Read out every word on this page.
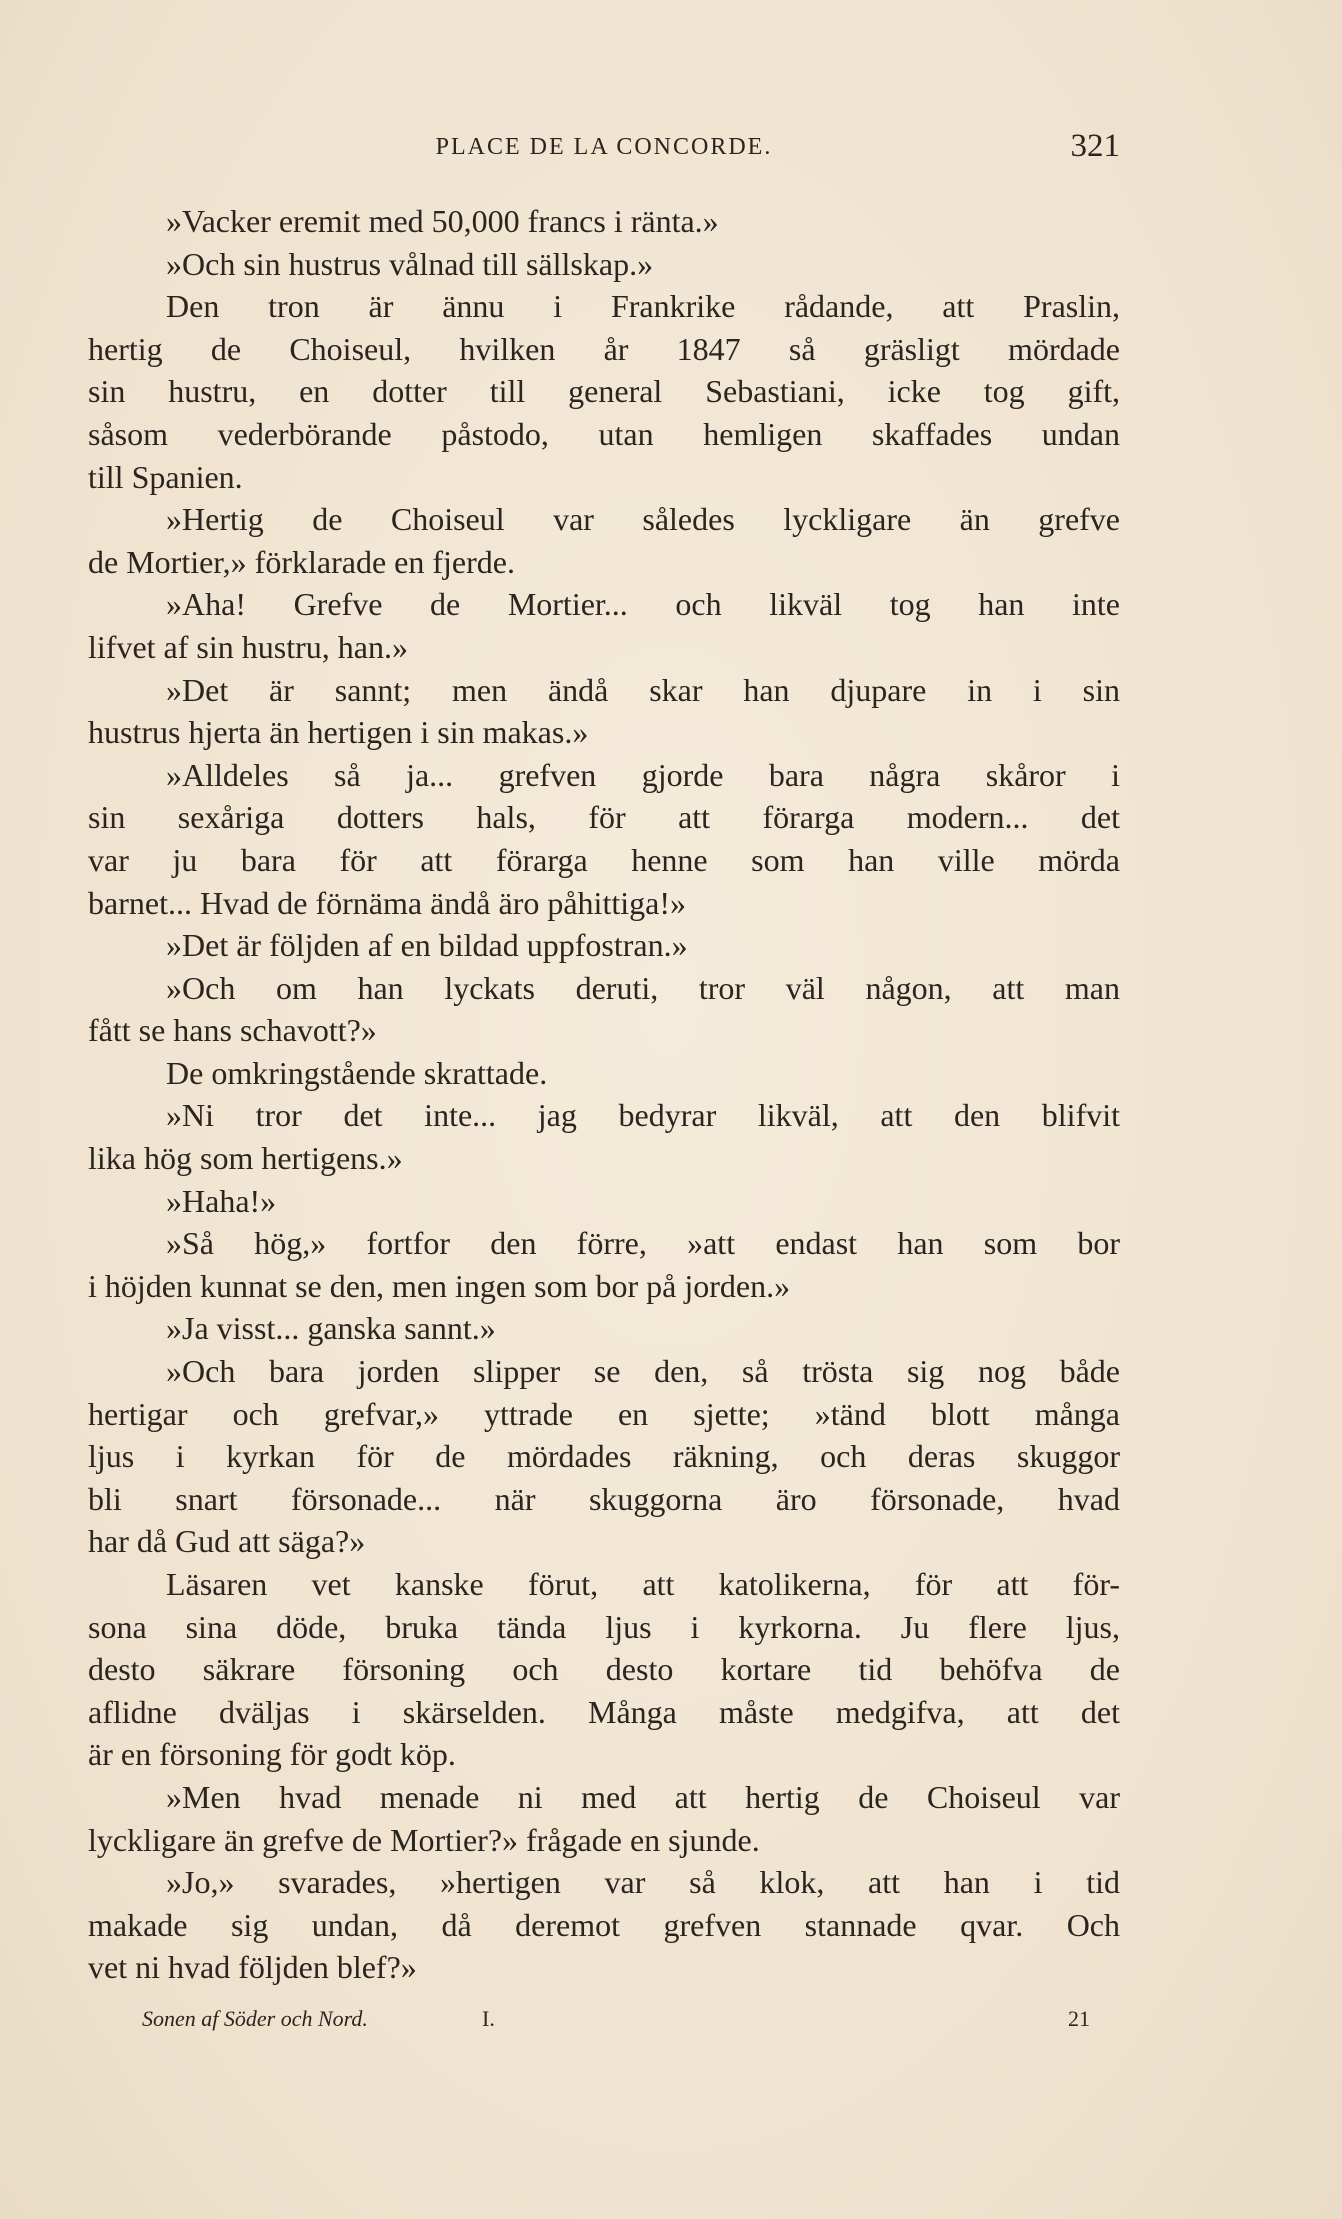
PLACE DE LA CONCORDE.	321
»Vacker eremit med 50,000 francs i ränta.»
»Och sin hustrus vålnad till sällskap.»
Den tron är ännu i Frankrike rådande, att Praslin,
hertig de Choiseul, hvilken år 1847 så gräsligt mördade
sin hustru, en dotter till general Sebastiani, icke tog gift,
såsom vederbörande påstodo, utan hemligen skaffades undan
till Spanien.
»Hertig de Choiseul var således lyckligare än grefve
de Mortier,» förklarade en fjerde.
»Aha! Grefve de Mortier... och likväl tog han inte
lifvet af sin hustru, han.»
»Det är sannt; men ändå skar han djupare in i sin
hustrus hjerta än hertigen i sin makas.»
»Alldeles så ja... grefven gjorde bara några skåror i
sin sexåriga dotters hals, för att förarga modern... det
var ju bara för att förarga henne som han ville mörda
barnet... Hvad de förnäma ändå äro påhittiga!»
»Det är följden af en bildad uppfostran.»
»Och om han lyckats deruti, tror väl någon, att man
fått se hans schavott?»
De omkringstående skrattade.
»Ni tror det inte... jag bedyrar likväl, att den blifvit
lika hög som hertigens.»
»Haha!»
»Så hög,» fortfor den förre, »att endast han som bor
i höjden kunnat se den, men ingen som bor på jorden.»
»Ja visst... ganska sannt.»
»Och bara jorden slipper se den, så trösta sig nog både
hertigar och grefvar,» yttrade en sjette; »tänd blott många
ljus i kyrkan för de mördades räkning, och deras skuggor
bli snart försonade... när skuggorna äro försonade, hvad
har då Gud att säga?»
Läsaren vet kanske förut, att katolikerna, för att för-
sona sina döde, bruka tända ljus i kyrkorna. Ju flere ljus,
desto säkrare försoning och desto kortare tid behöfva de
aflidne dväljas i skärselden. Många måste medgifva, att det
är en försoning för godt köp.
»Men hvad menade ni med att hertig de Choiseul var
lyckligare än grefve de Mortier?» frågade en sjunde.
»Jo,» svarades, »hertigen var så klok, att han i tid
makade sig undan, då deremot grefven stannade qvar. Och
vet ni hvad följden blef?»
Sonen af Söder och Nord.	I.	21
